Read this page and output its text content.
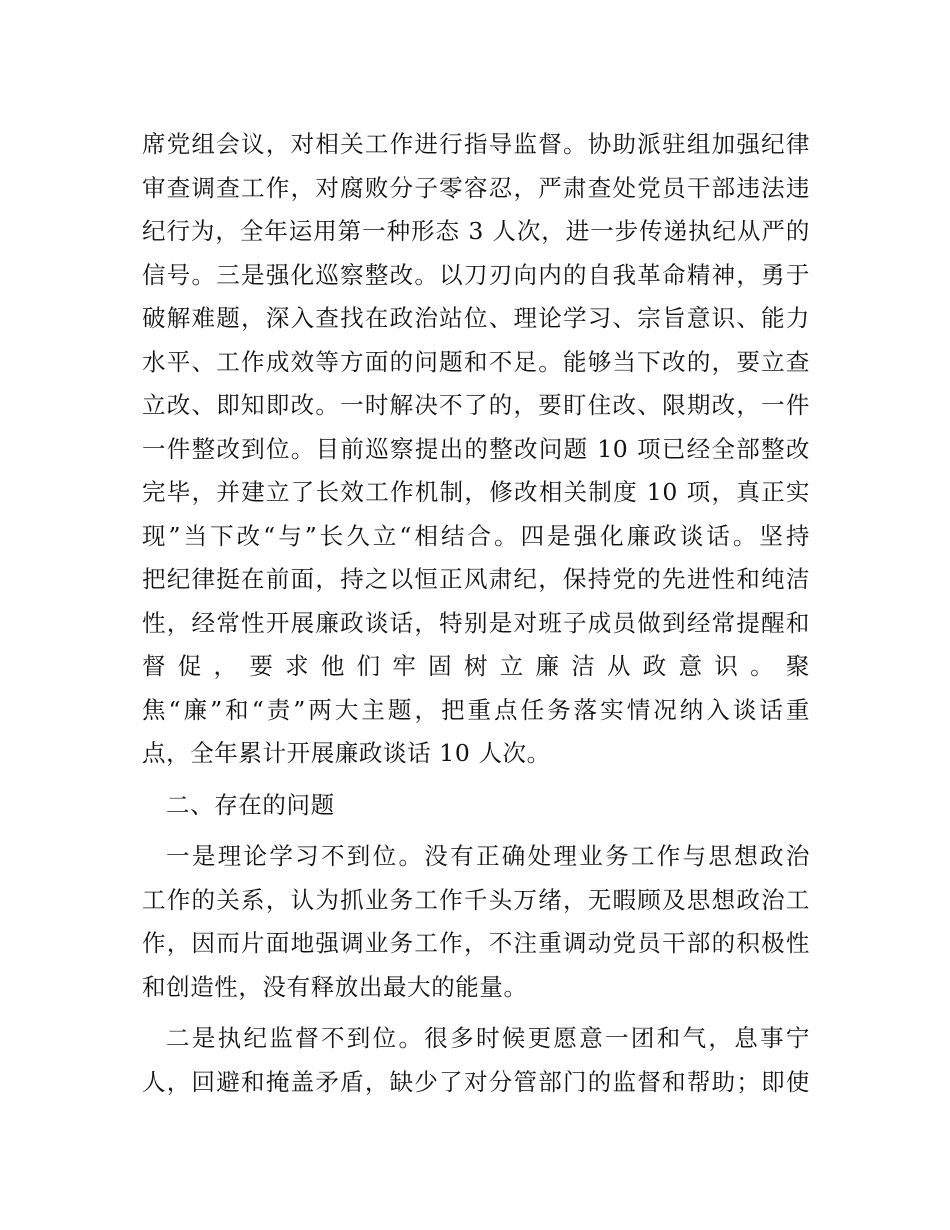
席党组会议，对相关工作进行指导监督。协助派驻组加强纪律
审查调查工作，对腐败分子零容忍，严肃查处党员干部违法违
纪行为，全年运用第一种形态 3 人次，进一步传递执纪从严的
信号。三是强化巡察整改。以刀刃向内的自我革命精神，勇于
破解难题，深入查找在政治站位、理论学习、宗旨意识、能力
水平、工作成效等方面的问题和不足。能够当下改的，要立查
立改、即知即改。一时解决不了的，要盯住改、限期改，一件
一件整改到位。目前巡察提出的整改问题 10 项已经全部整改
完毕，并建立了长效工作机制，修改相关制度 10 项，真正实
现”当下改“与”长久立“相结合。四是强化廉政谈话。坚持
把纪律挺在前面，持之以恒正风肃纪，保持党的先进性和纯洁
性，经常性开展廉政谈话，特别是对班子成员做到经常提醒和
督 促 ， 要 求 他 们 牢 固 树 立 廉 洁 从 政 意 识 。 聚
焦“廉”和“责”两大主题，把重点任务落实情况纳入谈话重
点，全年累计开展廉政谈话 10 人次。
二、存在的问题
一是理论学习不到位。没有正确处理业务工作与思想政治
工作的关系，认为抓业务工作千头万绪，无暇顾及思想政治工
作，因而片面地强调业务工作，不注重调动党员干部的积极性
和创造性，没有释放出最大的能量。
二是执纪监督不到位。很多时候更愿意一团和气，息事宁
人，回避和掩盖矛盾，缺少了对分管部门的监督和帮助；即使
